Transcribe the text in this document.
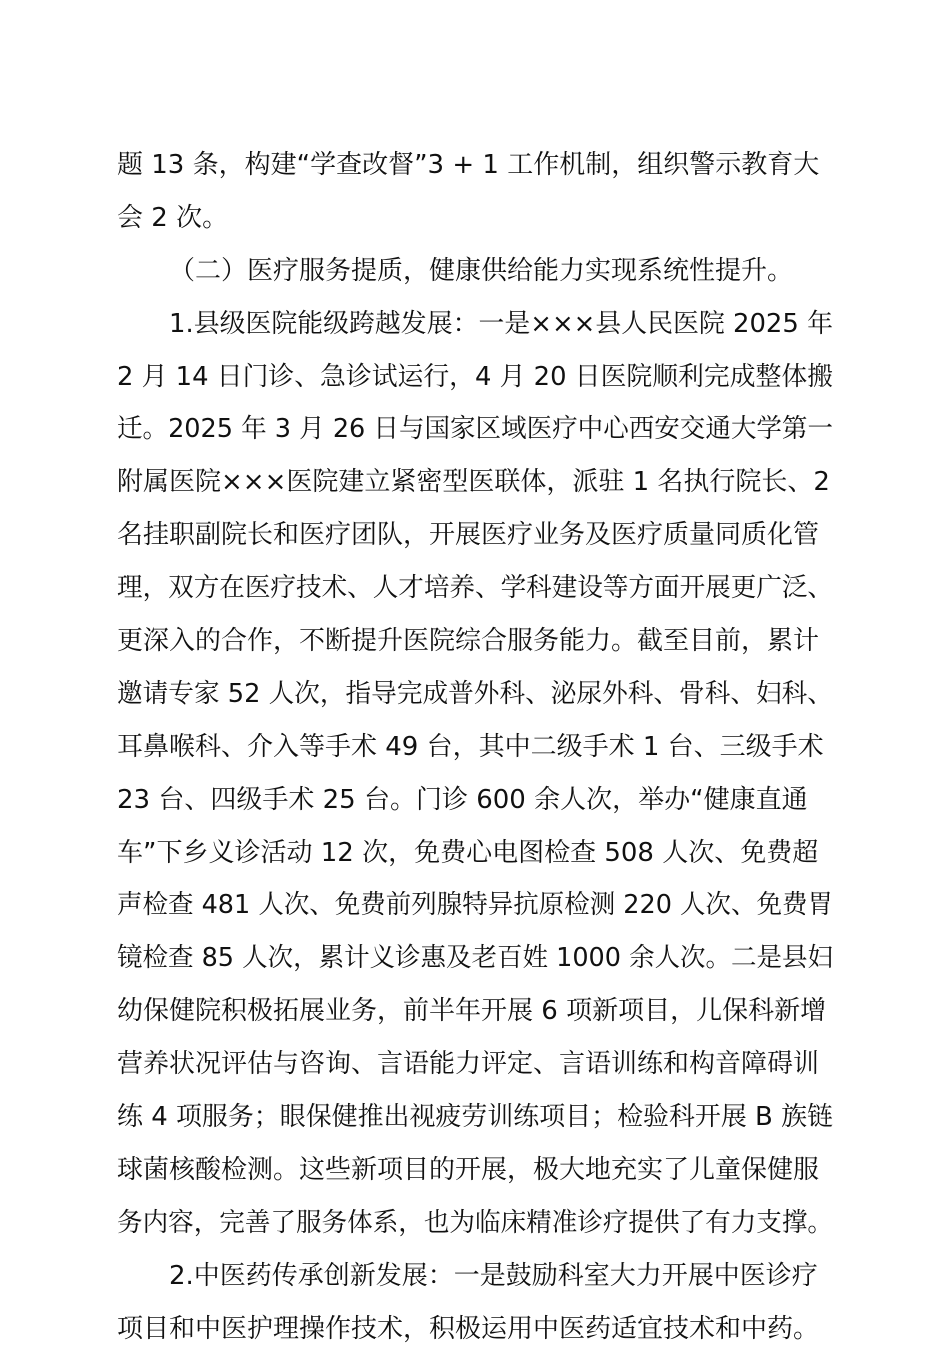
题 13 条，构建“学查改督”3 + 1 工作机制，组织警示教育大
会 2 次。
（二）医疗服务提质，健康供给能力实现系统性提升。
1.县级医院能级跨越发展：一是×××县人民医院 2025 年
2 月 14 日门诊、急诊试运行，4 月 20 日医院顺利完成整体搬
迁。2025 年 3 月 26 日与国家区域医疗中心西安交通大学第一
附属医院×××医院建立紧密型医联体，派驻 1 名执行院长、2
名挂职副院长和医疗团队，开展医疗业务及医疗质量同质化管
理，双方在医疗技术、人才培养、学科建设等方面开展更广泛、
更深入的合作，不断提升医院综合服务能力。截至目前，累计
邀请专家 52 人次，指导完成普外科、泌尿外科、骨科、妇科、
耳鼻喉科、介入等手术 49 台，其中二级手术 1 台、三级手术
23 台、四级手术 25 台。门诊 600 余人次，举办“健康直通
车”下乡义诊活动 12 次，免费心电图检查 508 人次、免费超
声检查 481 人次、免费前列腺特异抗原检测 220 人次、免费胃
镜检查 85 人次，累计义诊惠及老百姓 1000 余人次。二是县妇
幼保健院积极拓展业务，前半年开展 6 项新项目，儿保科新增
营养状况评估与咨询、言语能力评定、言语训练和构音障碍训
练 4 项服务；眼保健推出视疲劳训练项目；检验科开展 B 族链
球菌核酸检测。这些新项目的开展，极大地充实了儿童保健服
务内容，完善了服务体系，也为临床精准诊疗提供了有力支撑。
2.中医药传承创新发展：一是鼓励科室大力开展中医诊疗
项目和中医护理操作技术，积极运用中医药适宜技术和中药。
